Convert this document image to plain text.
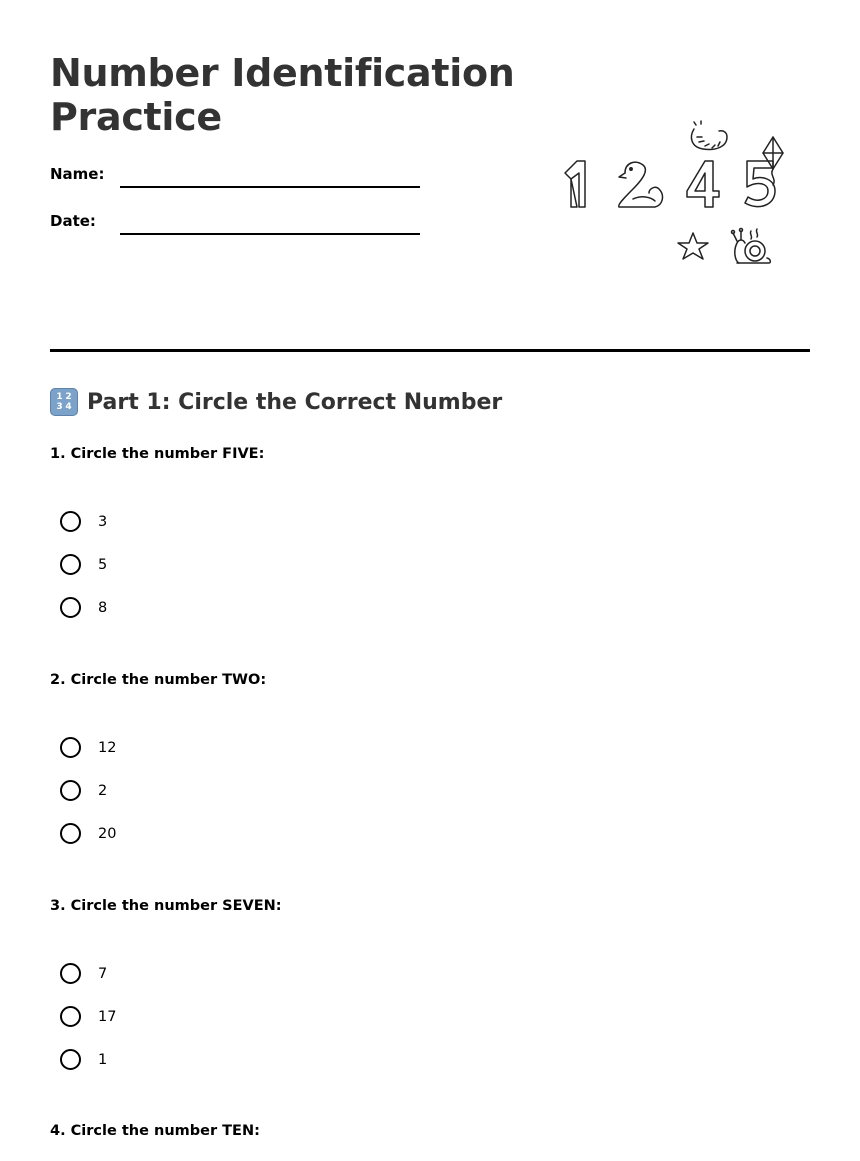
Number Identification Practice
Name:
Date:
1 2
3 4 Part 1: Circle the Correct Number

1. Circle the number FIVE:

3
5
8

2. Circle the number TWO:

12
2
20

3. Circle the number SEVEN:

7
17
1

4. Circle the number TEN:
